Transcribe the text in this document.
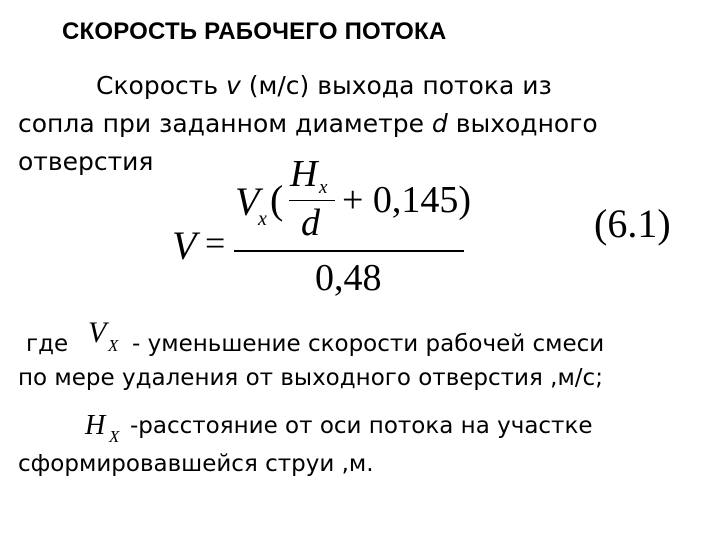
СКОРОСТЬ РАБОЧЕГО ПОТОКА
Скорость v (м/с) выхода потока из
сопла при заданном диаметре d выходного
отверстия
V =
V
x (
H x
d
+ 0,145)
0,48
(6.1)
где V X - уменьшение скорости рабочей смеси
по мере удаления от выходного отверстия ,м/с;
H X -расстояние от оси потока на участке
сформировавшейся струи ,м.
